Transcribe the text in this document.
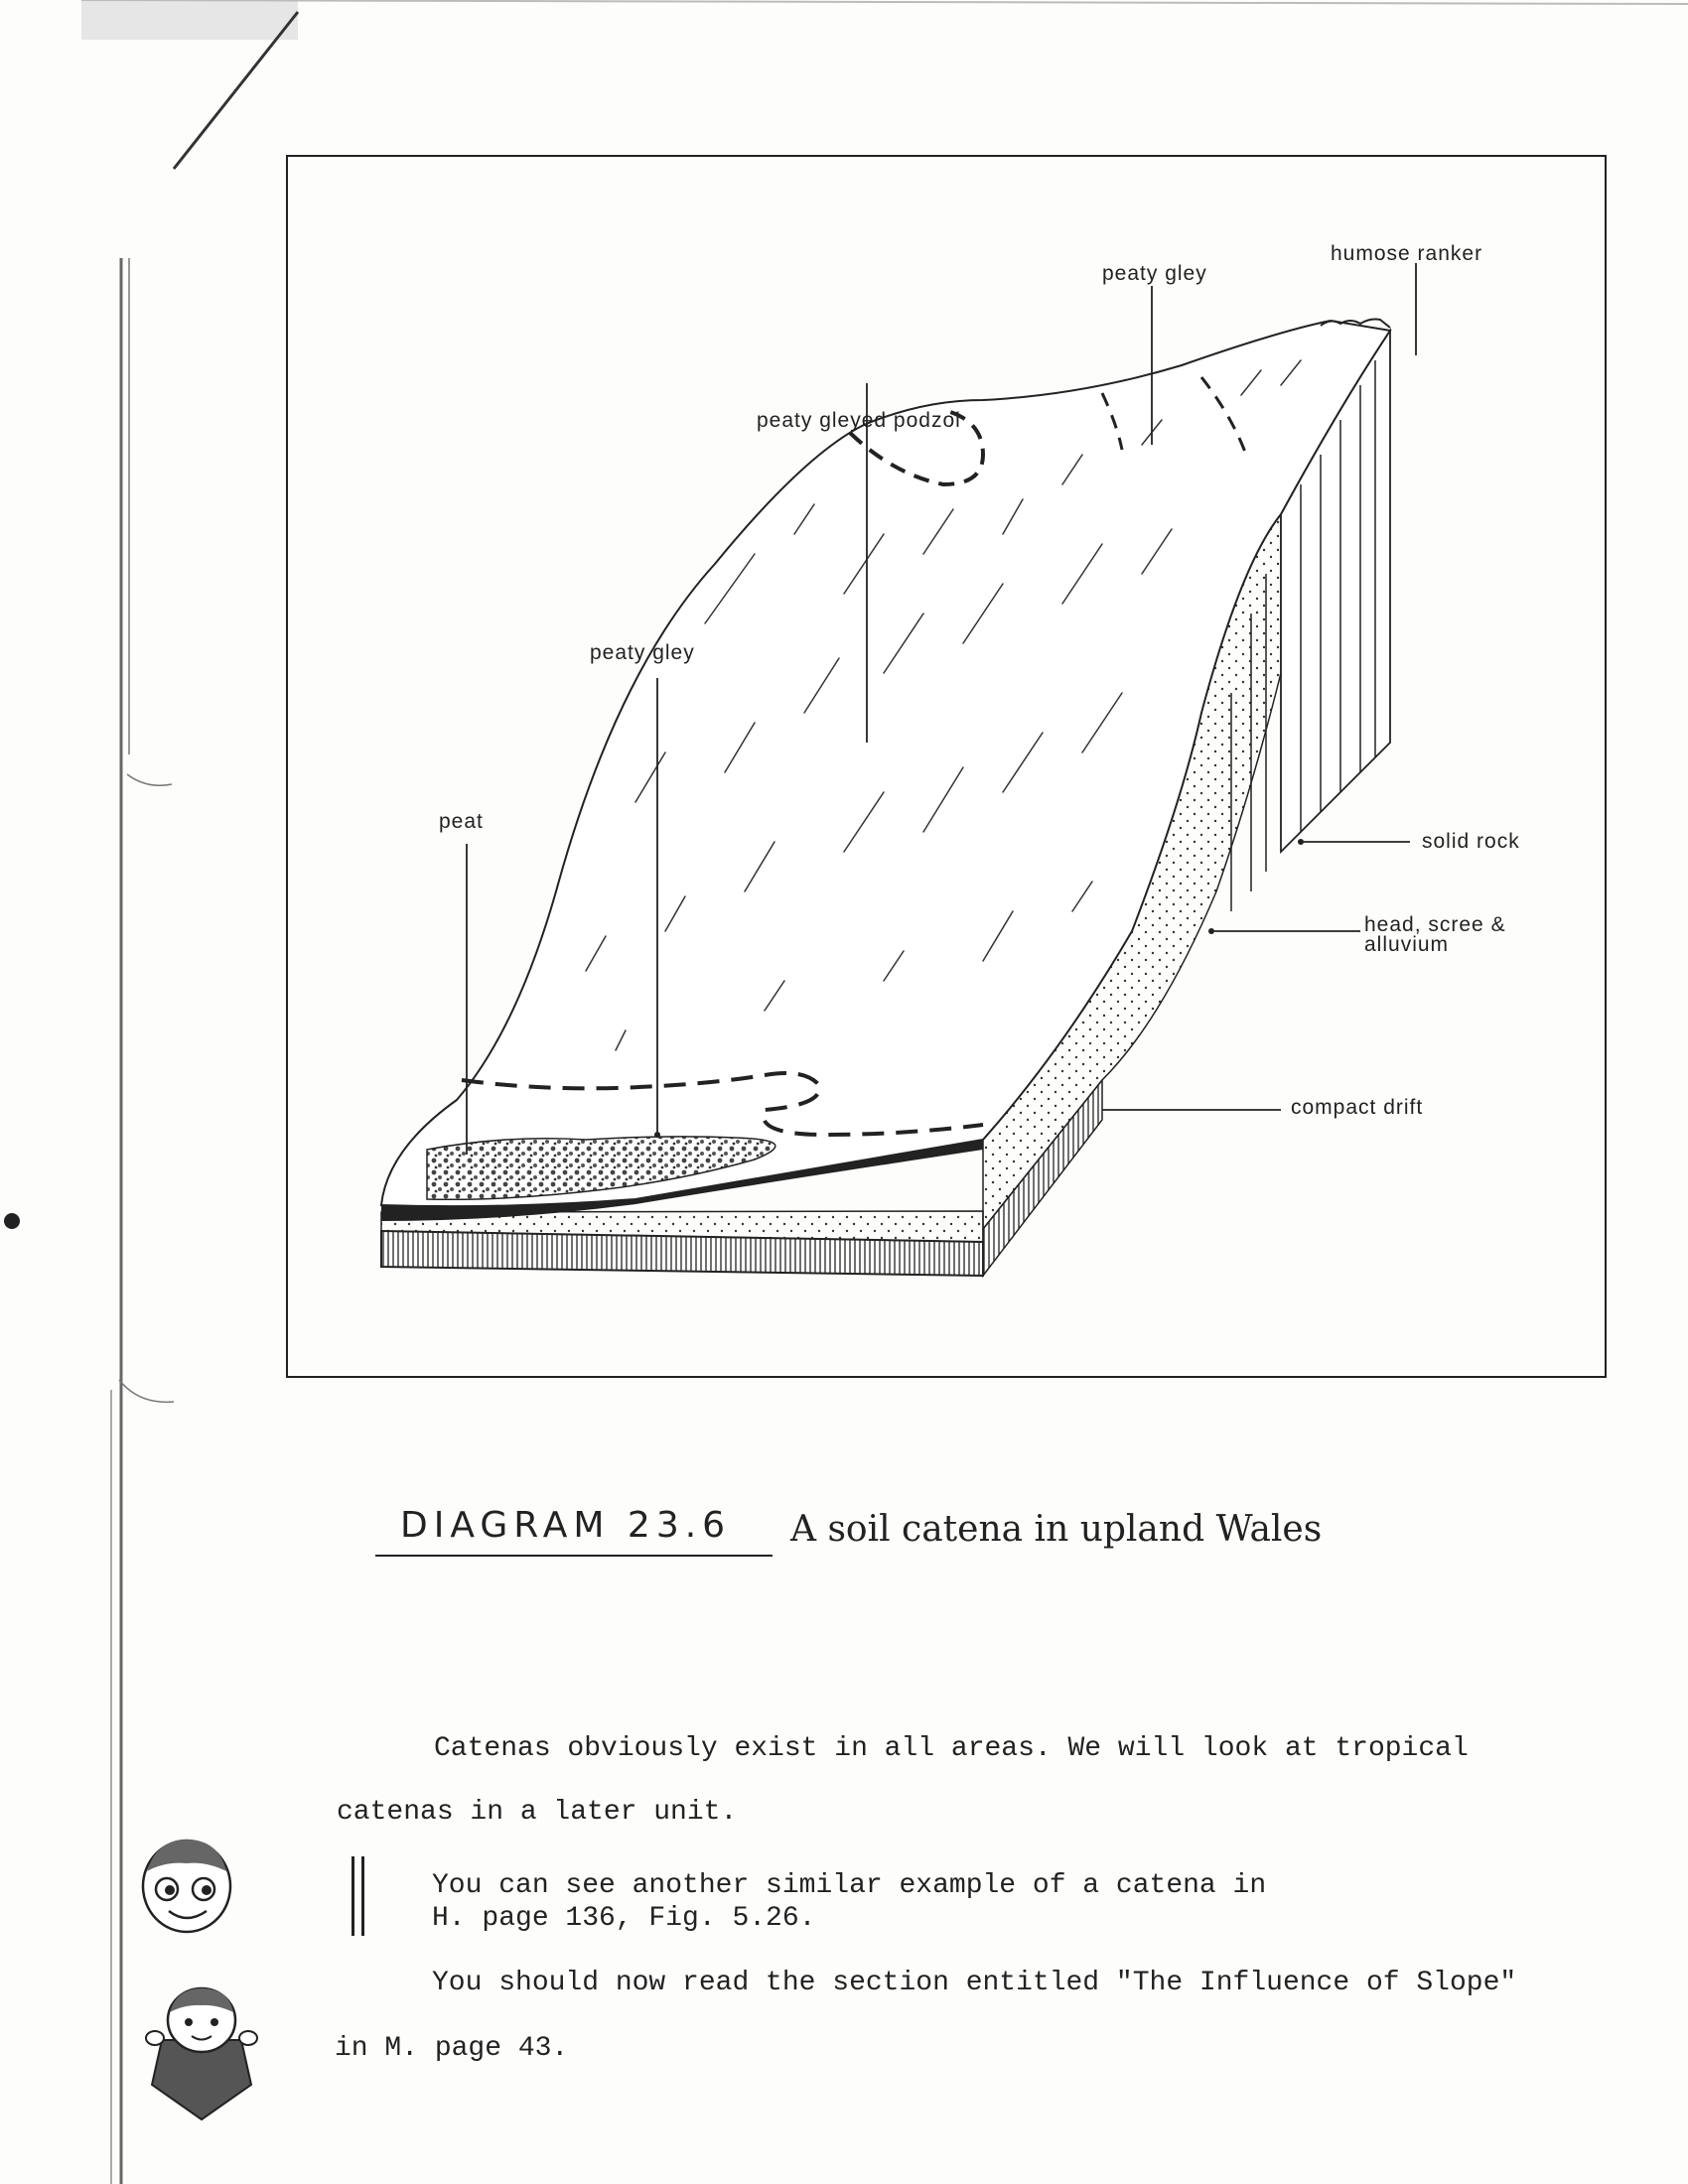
humose ranker
peaty gley
peaty gleyed podzol
peaty gley
peat
solid rock
head, scree &
alluvium
compact drift
DIAGRAM 23.6 A soil catena in upland Wales
Catenas obviously exist in all areas. We will look at tropical
catenas in a later unit.
You can see another similar example of a catena in
H. page 136, Fig. 5.26.
You should now read the section entitled "The Influence of Slope"
in M. page 43.
